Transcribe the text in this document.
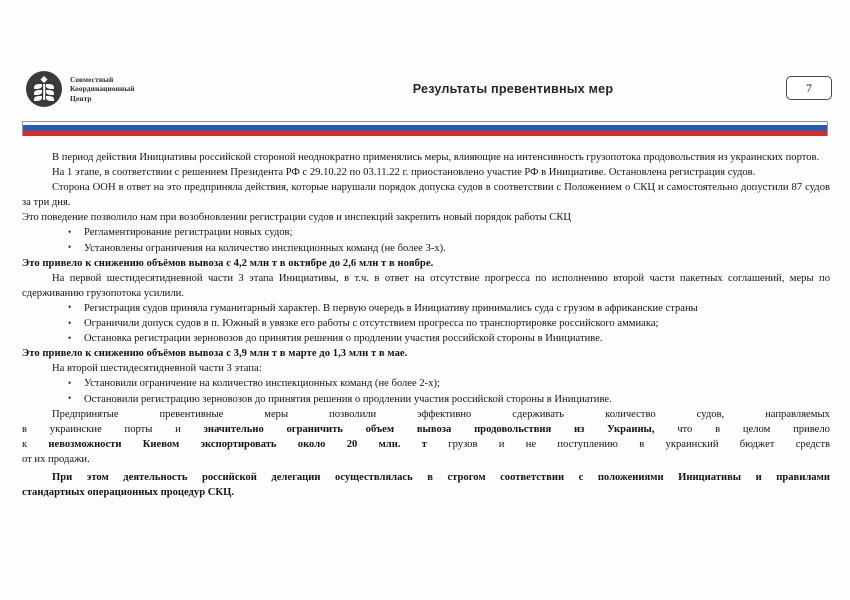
Совместный
Координационный
Центр
Результаты превентивных мер	7

В период действия Инициативы российской стороной неоднократно применялись меры, влияющие на интенсивность грузопотока продовольствия из украинских портов.

На 1 этапе, в соответствии с решением Президента РФ с 29.10.22 по 03.11.22 г. приостановлено участие РФ в Инициативе. Остановлена регистрация судов.

Сторона ООН в ответ на это предприняла действия, которые нарушали порядок допуска судов в соответствии с Положением о СКЦ и самостоятельно допустили 87 судов за три дня.

Это поведение позволило нам при возобновлении регистрации судов и инспекций закрепить новый порядок работы СКЦ

• Регламентирование регистрации новых судов;
• Установлены ограничения на количество инспекционных команд (не более 3-х).

Это привело к снижению объёмов вывоза с 4,2 млн т в октябре до 2,6 млн т в ноябре.

На первой шестидесятидневной части 3 этапа Инициативы, в т.ч. в ответ на отсутствие прогресса по исполнению второй части пакетных соглашений, меры по сдерживанию грузопотока усилили.

• Регистрация судов приняла гуманитарный характер. В первую очередь в Инициативу принимались суда с грузом в африканские страны
• Ограничили допуск судов в п. Южный в увязке его работы с отсутствием прогресса по транспортировке российского аммиака;
• Остановка регистрации зерновозов до принятия решения о продлении участия российской стороны в Инициативе.

Это привело к снижению объёмов вывоза с 3,9 млн т в марте до 1,3 млн т в мае.

На второй шестидесятидневной части 3 этапа:

• Установили ограничение на количество инспекционных команд (не более 2-х);
• Остановили регистрацию зерновозов до принятия решения о продлении участия российской стороны в Инициативе.
Предпринятые	превентивные	меры	позволили	эффективно	сдерживать	количество	судов,	направляемых
в украинские порты и значительно ограничить объем вывоза продовольствия из Украины, что в целом привело
к невозможности Киевом экспортировать около 20 млн. т грузов и не поступлению в украинский бюджет средств
от их продажи.
При этом деятельность российской делегации осуществлялась в строгом соответствии с положениями Инициативы и правилами
стандартных операционных процедур СКЦ.
